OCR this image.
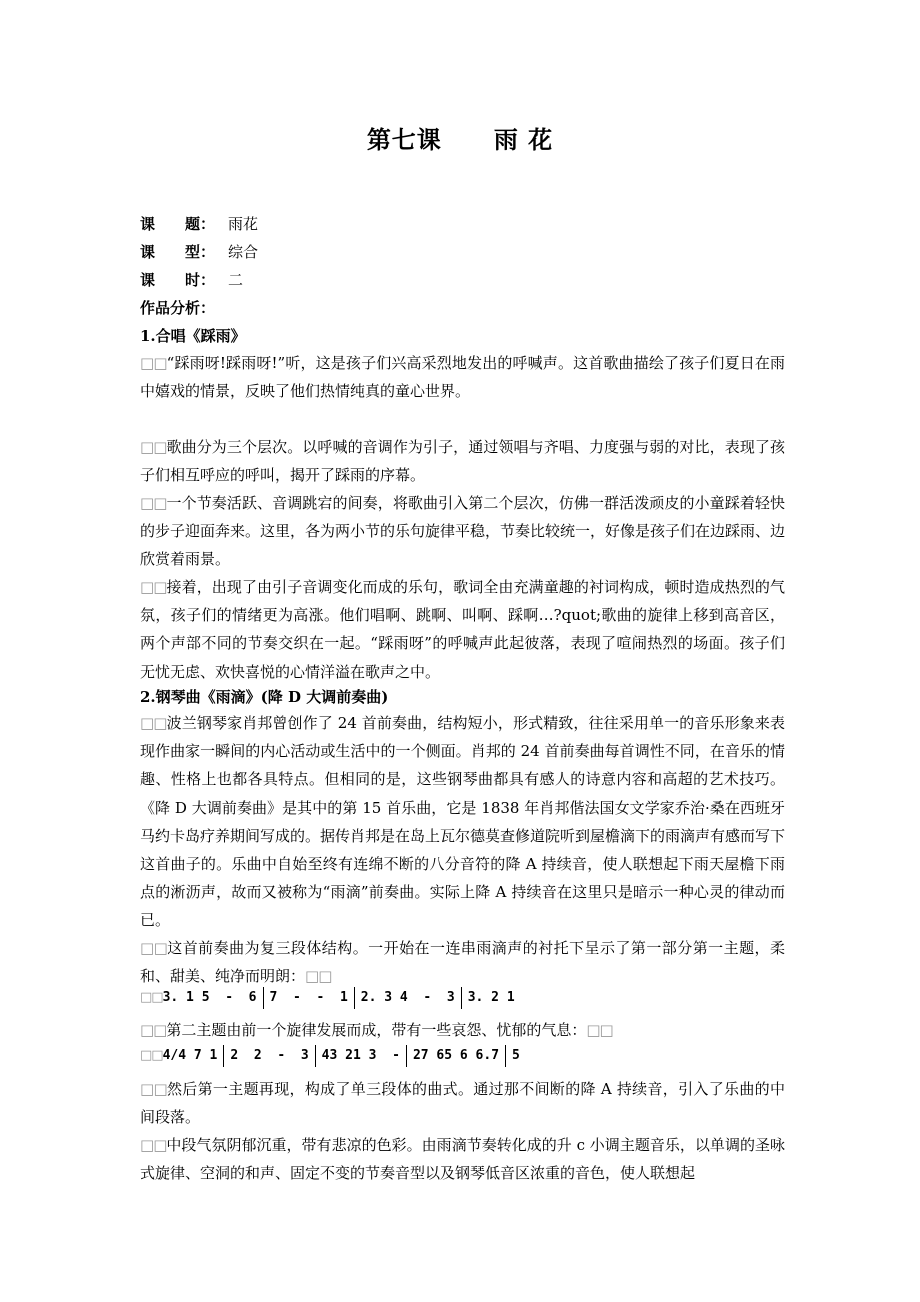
第七课 雨 花
课　　题： 雨花
课　　型： 综合
课　　时： 二
作品分析：
1.合唱《踩雨》

□□“踩雨呀!踩雨呀!”听，这是孩子们兴高采烈地发出的呼喊声。这首歌曲描绘了孩子们夏日在雨中嬉戏的情景，反映了他们热情纯真的童心世界。

□□歌曲分为三个层次。以呼喊的音调作为引子，通过领唱与齐唱、力度强与弱的对比，表现了孩子们相互呼应的呼叫，揭开了踩雨的序幕。

□□一个节奏活跃、音调跳宕的间奏，将歌曲引入第二个层次，仿佛一群活泼顽皮的小童踩着轻快的步子迎面奔来。这里，各为两小节的乐句旋律平稳，节奏比较统一，好像是孩子们在边踩雨、边欣赏着雨景。

□□接着，出现了由引子音调变化而成的乐句，歌词全由充满童趣的衬词构成，顿时造成热烈的气氛，孩子们的情绪更为高涨。他们唱啊、跳啊、叫啊、踩啊…?quot;歌曲的旋律上移到高音区，两个声部不同的节奏交织在一起。“踩雨呀”的呼喊声此起彼落，表现了喧闹热烈的场面。孩子们无忧无虑、欢快喜悦的心情洋溢在歌声之中。

2.钢琴曲《雨滴》(降 D 大调前奏曲)

□□波兰钢琴家肖邦曾创作了 24 首前奏曲，结构短小，形式精致，往往采用单一的音乐形象来表现作曲家一瞬间的内心活动或生活中的一个侧面。肖邦的 24 首前奏曲每首调性不同，在音乐的情趣、性格上也都各具特点。但相同的是，这些钢琴曲都具有感人的诗意内容和高超的艺术技巧。《降 D 大调前奏曲》是其中的第 15 首乐曲，它是 1838 年肖邦偕法国女文学家乔治·桑在西班牙马约卡岛疗养期间写成的。据传肖邦是在岛上瓦尔德莫查修道院听到屋檐滴下的雨滴声有感而写下这首曲子的。乐曲中自始至终有连绵不断的八分音符的降 A 持续音，使人联想起下雨天屋檐下雨点的淅沥声，故而又被称为“雨滴”前奏曲。实际上降 A 持续音在这里只是暗示一种心灵的律动而已。

□□这首前奏曲为复三段体结构。一开始在一连串雨滴声的衬托下呈示了第一部分第一主题，柔和、甜美、纯净而明朗：□□

□□3. 1 5  -  6 7  -  -  1 2. 3 4  -  3 3. 2 1

□□第二主题由前一个旋律发展而成，带有一些哀怨、忧郁的气息：□□

□□4/4 7 1 2  2  -  3 43 21 3  - 27 65 6 6.7 5

□□然后第一主题再现，构成了单三段体的曲式。通过那不间断的降 A 持续音，引入了乐曲的中间段落。

□□中段气氛阴郁沉重，带有悲凉的色彩。由雨滴节奏转化成的升 c 小调主题音乐，以单调的圣咏式旋律、空洞的和声、固定不变的节奏音型以及钢琴低音区浓重的音色，使人联想起
